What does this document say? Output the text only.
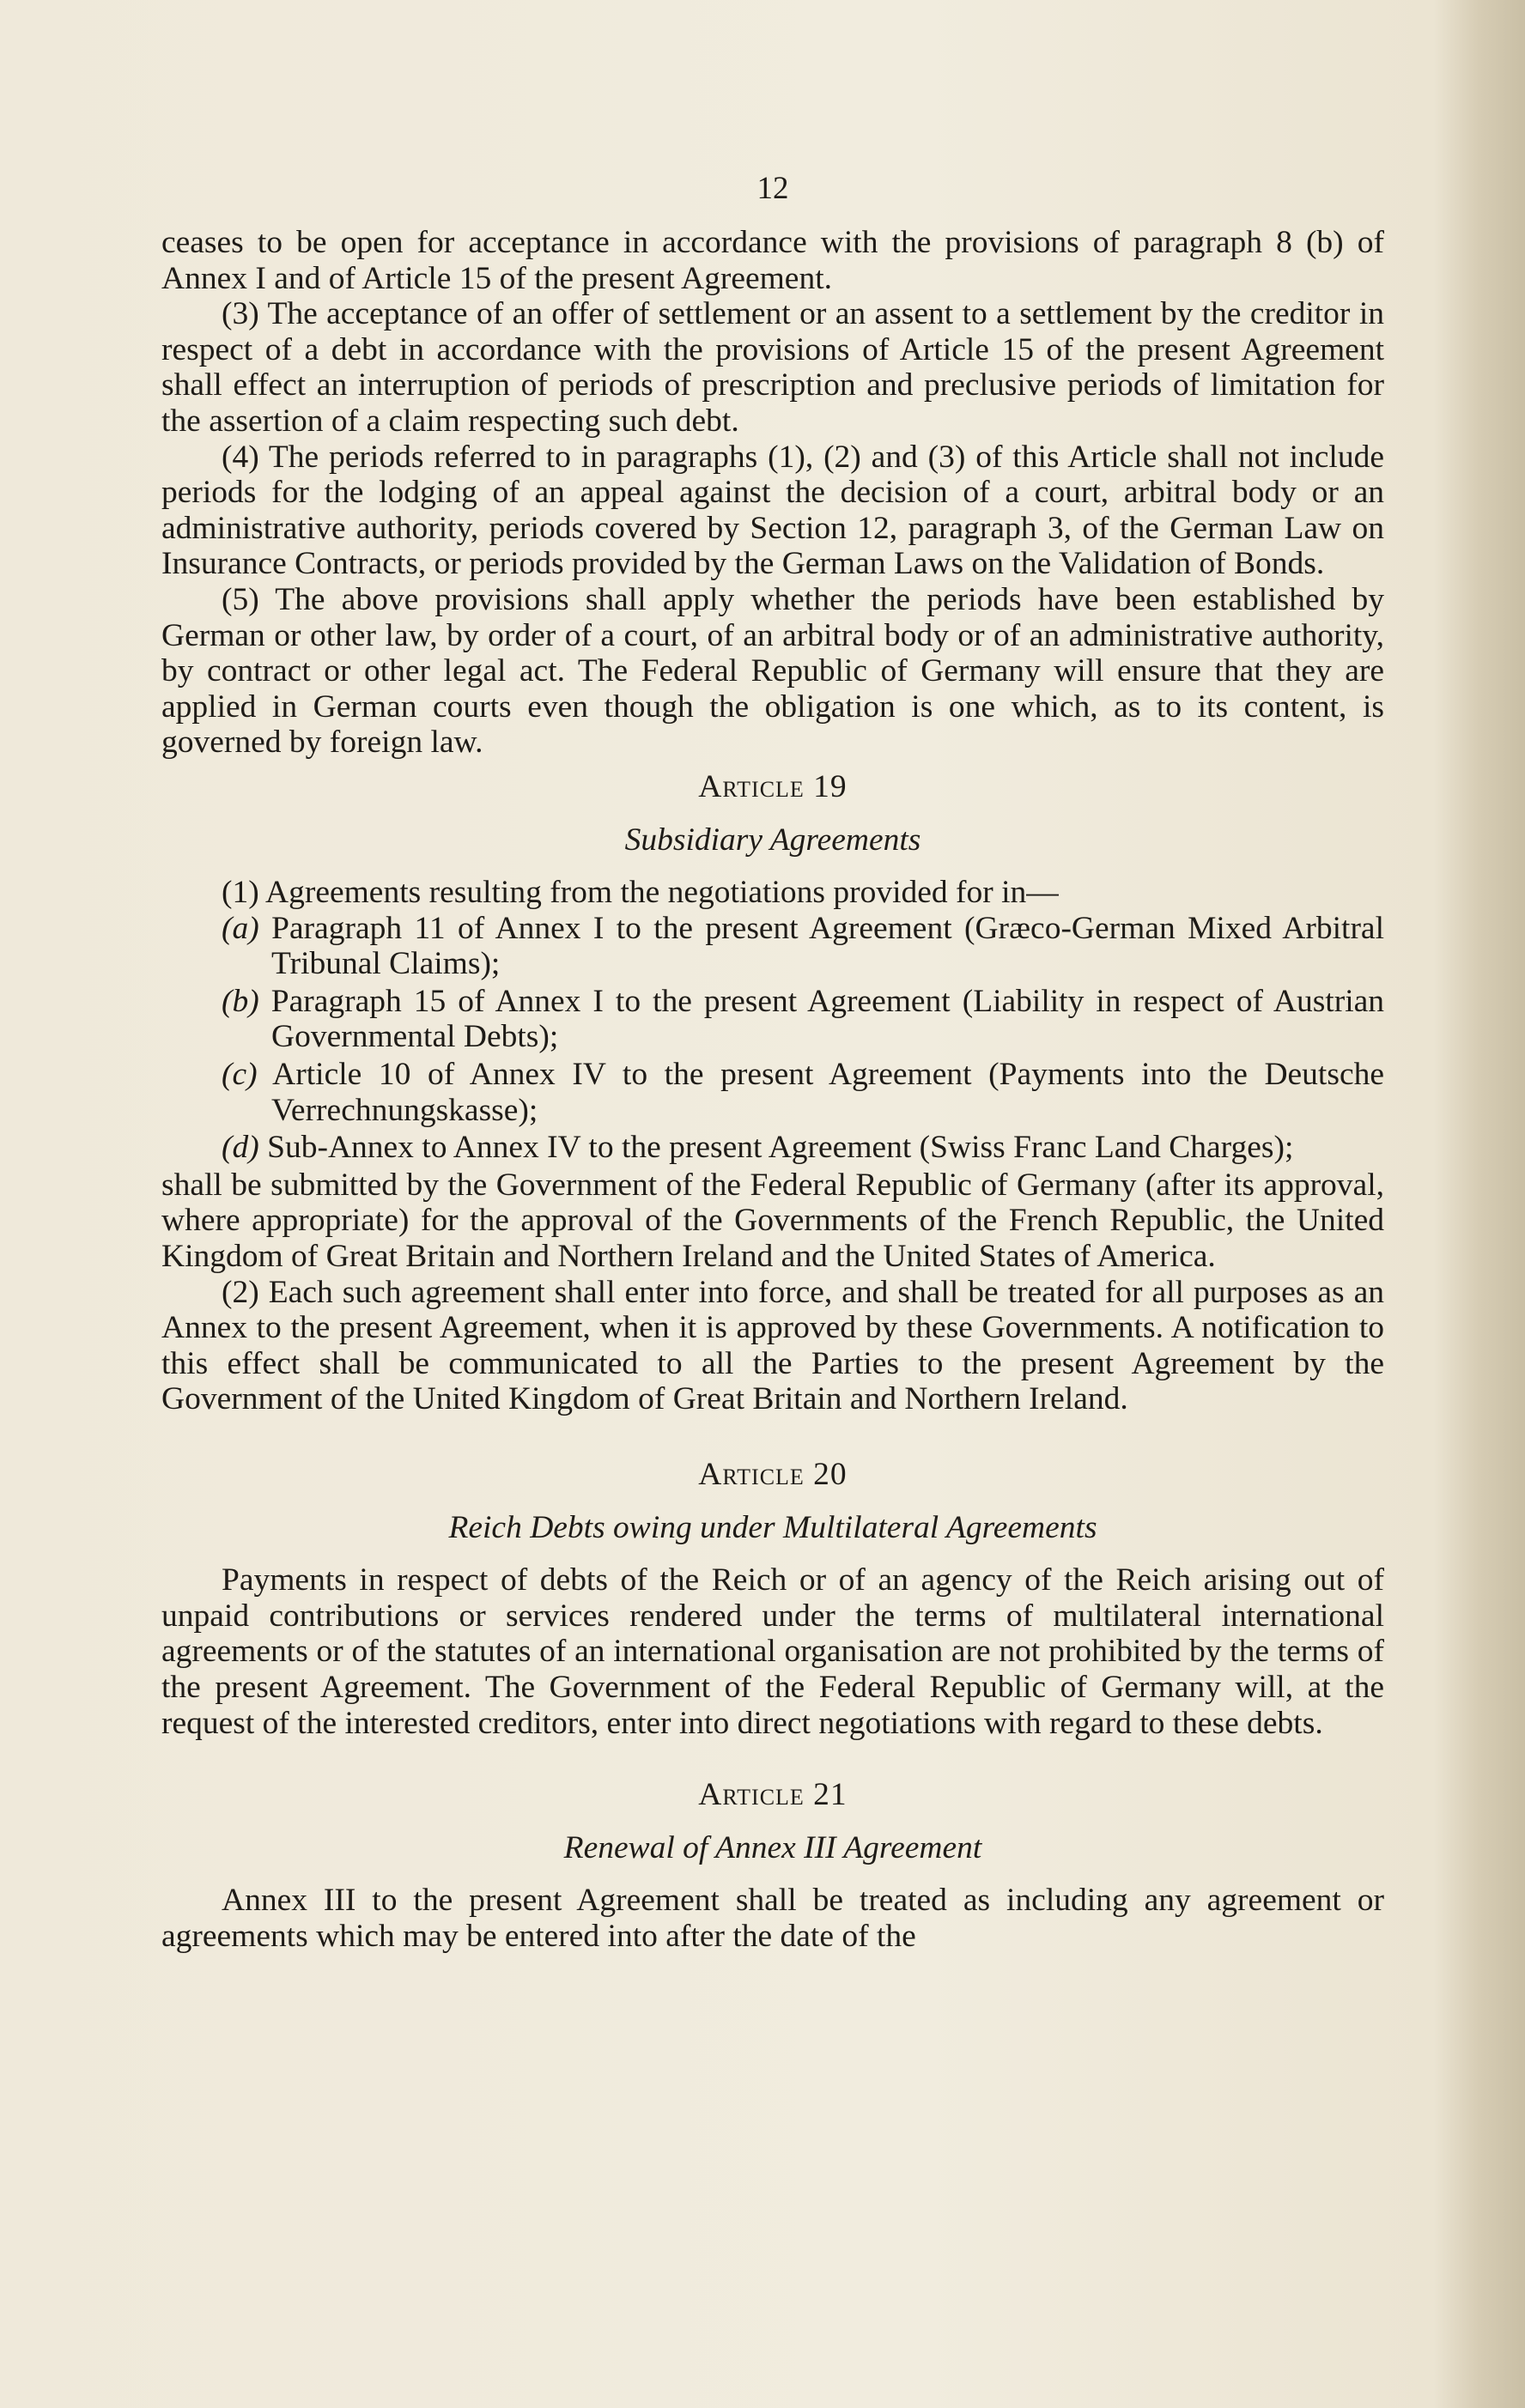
12

ceases to be open for acceptance in accordance with the provisions of paragraph 8 (b) of Annex I and of Article 15 of the present Agreement.

(3) The acceptance of an offer of settlement or an assent to a settlement by the creditor in respect of a debt in accordance with the provisions of Article 15 of the present Agreement shall effect an interruption of periods of prescription and preclusive periods of limitation for the assertion of a claim respecting such debt.

(4) The periods referred to in paragraphs (1), (2) and (3) of this Article shall not include periods for the lodging of an appeal against the decision of a court, arbitral body or an administrative authority, periods covered by Section 12, paragraph 3, of the German Law on Insurance Contracts, or periods provided by the German Laws on the Validation of Bonds.

(5) The above provisions shall apply whether the periods have been established by German or other law, by order of a court, of an arbitral body or of an administrative authority, by contract or other legal act. The Federal Republic of Germany will ensure that they are applied in German courts even though the obligation is one which, as to its content, is governed by foreign law.

Article 19

Subsidiary Agreements

(1) Agreements resulting from the negotiations provided for in—

(a) Paragraph 11 of Annex I to the present Agreement (Græco-German Mixed Arbitral Tribunal Claims);

(b) Paragraph 15 of Annex I to the present Agreement (Liability in respect of Austrian Governmental Debts);

(c) Article 10 of Annex IV to the present Agreement (Payments into the Deutsche Verrechnungskasse);

(d) Sub-Annex to Annex IV to the present Agreement (Swiss Franc Land Charges);

shall be submitted by the Government of the Federal Republic of Germany (after its approval, where appropriate) for the approval of the Governments of the French Republic, the United Kingdom of Great Britain and Northern Ireland and the United States of America.

(2) Each such agreement shall enter into force, and shall be treated for all purposes as an Annex to the present Agreement, when it is approved by these Governments. A notification to this effect shall be communicated to all the Parties to the present Agreement by the Government of the United Kingdom of Great Britain and Northern Ireland.

Article 20

Reich Debts owing under Multilateral Agreements

Payments in respect of debts of the Reich or of an agency of the Reich arising out of unpaid contributions or services rendered under the terms of multilateral international agreements or of the statutes of an international organisation are not prohibited by the terms of the present Agreement. The Government of the Federal Republic of Germany will, at the request of the interested creditors, enter into direct negotiations with regard to these debts.

Article 21

Renewal of Annex III Agreement

Annex III to the present Agreement shall be treated as including any agreement or agreements which may be entered into after the date of the
